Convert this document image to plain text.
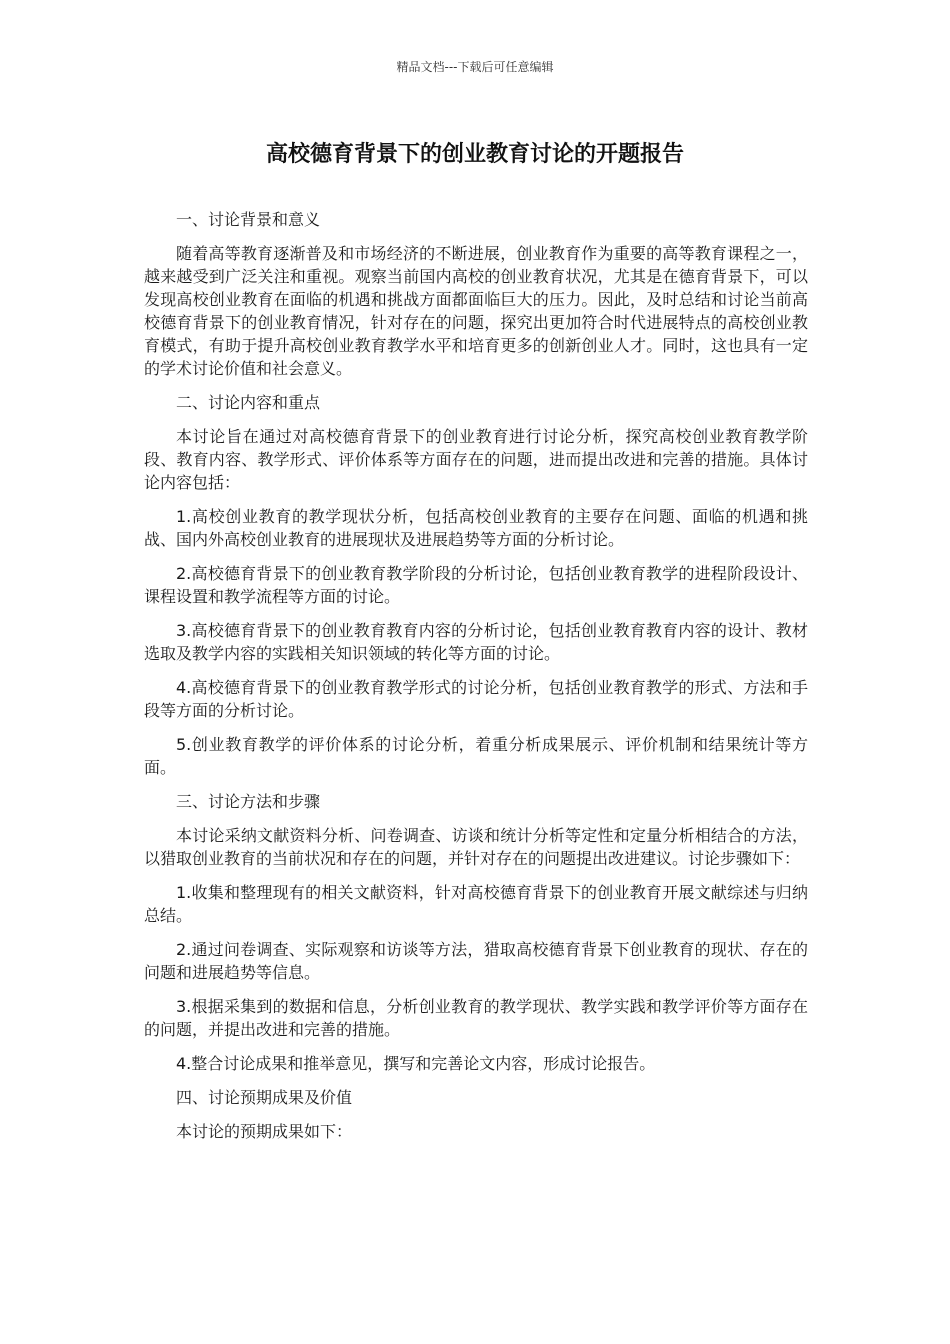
精品文档---下载后可任意编辑
高校德育背景下的创业教育讨论的开题报告

一、讨论背景和意义

随着高等教育逐渐普及和市场经济的不断进展，创业教育作为重要的高等教育课程之一，越来越受到广泛关注和重视。观察当前国内高校的创业教育状况，尤其是在德育背景下，可以发现高校创业教育在面临的机遇和挑战方面都面临巨大的压力。因此，及时总结和讨论当前高校德育背景下的创业教育情况，针对存在的问题，探究出更加符合时代进展特点的高校创业教育模式，有助于提升高校创业教育教学水平和培育更多的创新创业人才。同时，这也具有一定的学术讨论价值和社会意义。

二、讨论内容和重点

本讨论旨在通过对高校德育背景下的创业教育进行讨论分析，探究高校创业教育教学阶段、教育内容、教学形式、评价体系等方面存在的问题，进而提出改进和完善的措施。具体讨论内容包括：

1.高校创业教育的教学现状分析，包括高校创业教育的主要存在问题、面临的机遇和挑战、国内外高校创业教育的进展现状及进展趋势等方面的分析讨论。

2.高校德育背景下的创业教育教学阶段的分析讨论，包括创业教育教学的进程阶段设计、课程设置和教学流程等方面的讨论。

3.高校德育背景下的创业教育教育内容的分析讨论，包括创业教育教育内容的设计、教材选取及教学内容的实践相关知识领域的转化等方面的讨论。

4.高校德育背景下的创业教育教学形式的讨论分析，包括创业教育教学的形式、方法和手段等方面的分析讨论。

5.创业教育教学的评价体系的讨论分析，着重分析成果展示、评价机制和结果统计等方面。

三、讨论方法和步骤

本讨论采纳文献资料分析、问卷调查、访谈和统计分析等定性和定量分析相结合的方法，以猎取创业教育的当前状况和存在的问题，并针对存在的问题提出改进建议。讨论步骤如下：

1.收集和整理现有的相关文献资料，针对高校德育背景下的创业教育开展文献综述与归纳总结。

2.通过问卷调查、实际观察和访谈等方法，猎取高校德育背景下创业教育的现状、存在的问题和进展趋势等信息。

3.根据采集到的数据和信息，分析创业教育的教学现状、教学实践和教学评价等方面存在的问题，并提出改进和完善的措施。

4.整合讨论成果和推举意见，撰写和完善论文内容，形成讨论报告。

四、讨论预期成果及价值

本讨论的预期成果如下：
